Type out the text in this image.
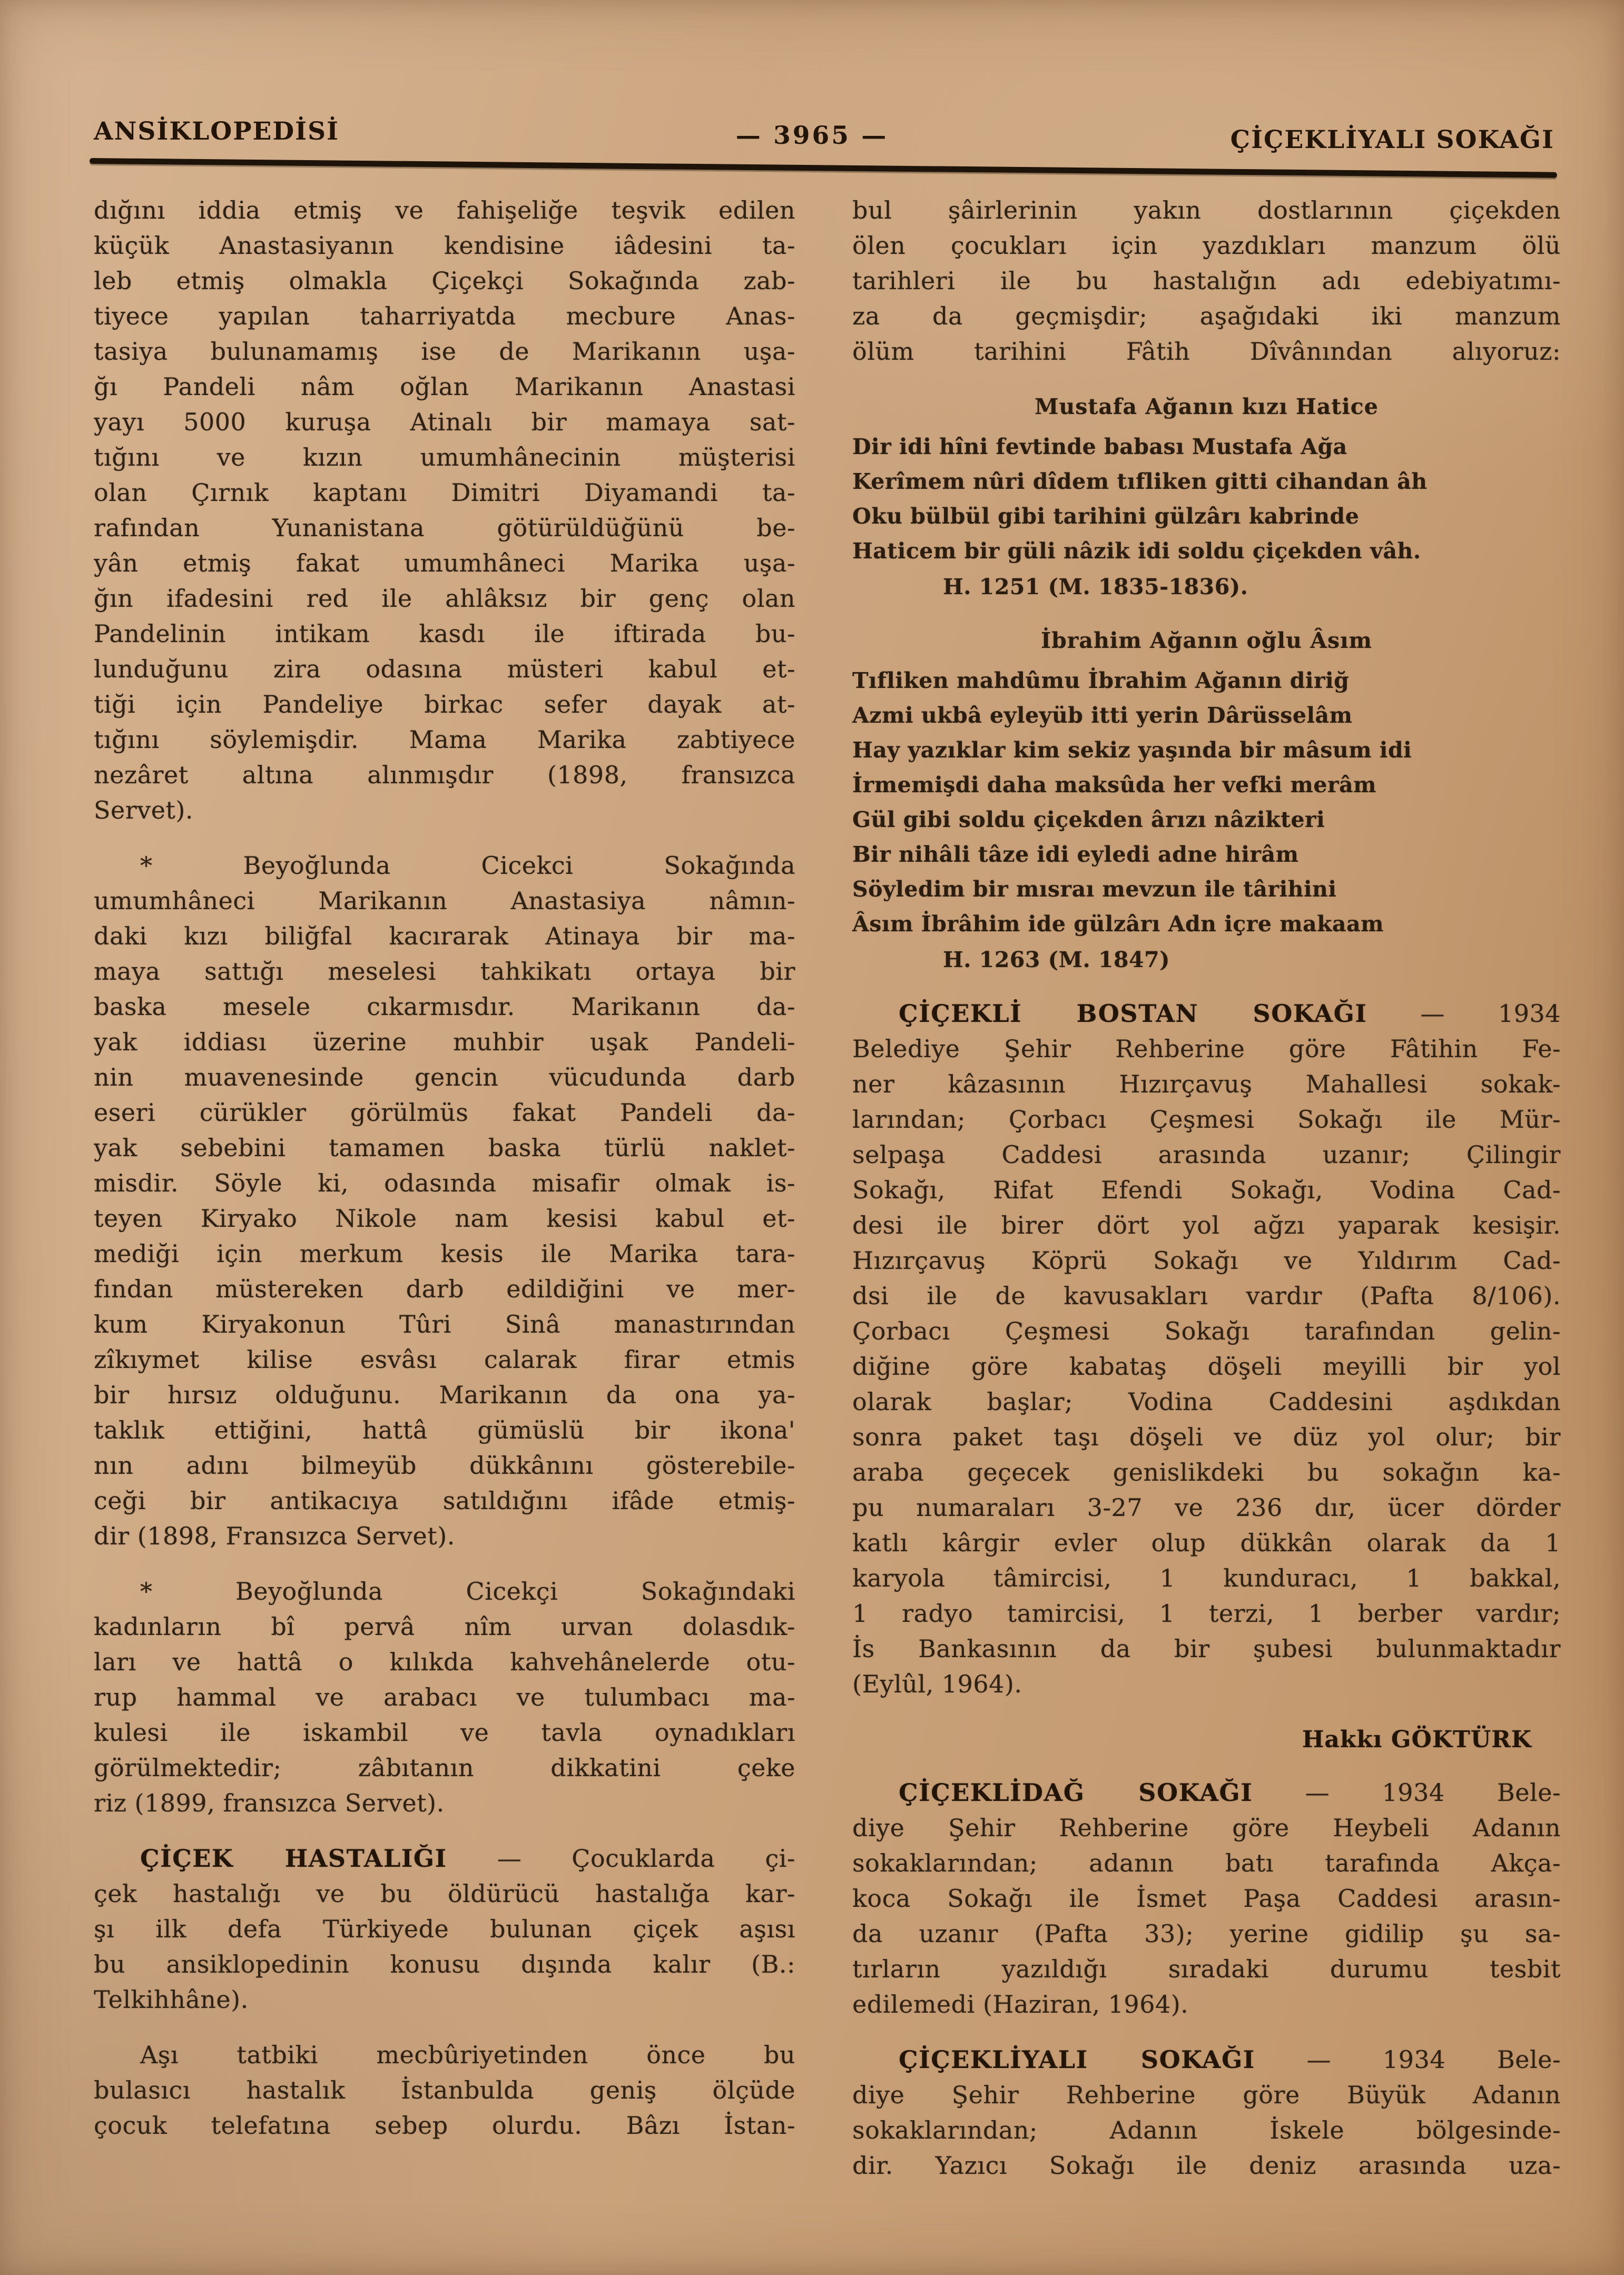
ANSİKLOPEDİSİ	— 3965 —	ÇİÇEKLİYALI SOKAĞI
dığını iddia etmiş ve fahişeliğe teşvik edilen
küçük Anastasiyanın kendisine iâdesini ta-
leb etmiş olmakla Çiçekçi Sokağında zab-
tiyece yapılan taharriyatda mecbure Anas-
tasiya bulunamamış ise de Marikanın uşa-
ğı Pandeli nâm oğlan Marikanın Anastasi
yayı 5000 kuruşa Atinalı bir mamaya sat-
tığını ve kızın umumhânecinin müşterisi
olan Çırnık kaptanı Dimitri Diyamandi ta-
rafından Yunanistana götürüldüğünü be-
yân etmiş fakat umumhâneci Marika uşa-
ğın ifadesini red ile ahlâksız bir genç olan
Pandelinin intikam kasdı ile iftirada bu-
lunduğunu zira odasına müsteri kabul et-
tiği için Pandeliye birkac sefer dayak at-
tığını söylemişdir. Mama Marika zabtiyece
nezâret altına alınmışdır (1898, fransızca
Servet).
* Beyoğlunda Cicekci Sokağında
umumhâneci Marikanın Anastasiya nâmın-
daki kızı biliğfal kacırarak Atinaya bir ma-
maya sattığı meselesi tahkikatı ortaya bir
baska mesele cıkarmısdır. Marikanın da-
yak iddiası üzerine muhbir uşak Pandeli-
nin muavenesinde gencin vücudunda darb
eseri cürükler görülmüs fakat Pandeli da-
yak sebebini tamamen baska türlü naklet-
misdir. Söyle ki, odasında misafir olmak is-
teyen Kiryako Nikole nam kesisi kabul et-
mediği için merkum kesis ile Marika tara-
fından müstereken darb edildiğini ve mer-
kum Kiryakonun Tûri Sinâ manastırından
zîkıymet kilise esvâsı calarak firar etmis
bir hırsız olduğunu. Marikanın da ona ya-
taklık ettiğini, hattâ gümüslü bir ikona'
nın adını bilmeyüb dükkânını gösterebile-
ceği bir antikacıya satıldığını ifâde etmiş-
dir (1898, Fransızca Servet).
* Beyoğlunda Cicekçi Sokağındaki
kadınların bî pervâ nîm urvan dolasdık-
ları ve hattâ o kılıkda kahvehânelerde otu-
rup hammal ve arabacı ve tulumbacı ma-
kulesi ile iskambil ve tavla oynadıkları
görülmektedir; zâbıtanın dikkatini çeke
riz (1899, fransızca Servet).
ÇİÇEK HASTALIĞI — Çocuklarda çi-
çek hastalığı ve bu öldürücü hastalığa kar-
şı ilk defa Türkiyede bulunan çiçek aşısı
bu ansiklopedinin konusu dışında kalır (B.:
Telkihhâne).
Aşı tatbiki mecbûriyetinden önce bu
bulasıcı hastalık İstanbulda geniş ölçüde
çocuk telefatına sebep olurdu. Bâzı İstan-
bul şâirlerinin yakın dostlarının çiçekden
ölen çocukları için yazdıkları manzum ölü
tarihleri ile bu hastalığın adı edebiyatımı-
za da geçmişdir; aşağıdaki iki manzum
ölüm tarihini Fâtih Dîvânından alıyoruz:
Mustafa Ağanın kızı Hatice
Dir idi hîni fevtinde babası Mustafa Ağa
Kerîmem nûri dîdem tıfliken gitti cihandan âh
Oku bülbül gibi tarihini gülzârı kabrinde
Haticem bir güli nâzik idi soldu çiçekden vâh.
H. 1251 (M. 1835-1836).
İbrahim Ağanın oğlu Âsım
Tıfliken mahdûmu İbrahim Ağanın diriğ
Azmi ukbâ eyleyüb itti yerin Dârüsselâm
Hay yazıklar kim sekiz yaşında bir mâsum idi
İrmemişdi daha maksûda her vefki merâm
Gül gibi soldu çiçekden ârızı nâzikteri
Bir nihâli tâze idi eyledi adne hirâm
Söyledim bir mısraı mevzun ile târihini
Âsım İbrâhim ide gülzârı Adn içre makaam
H. 1263 (M. 1847)
ÇİÇEKLİ BOSTAN SOKAĞI — 1934
Belediye Şehir Rehberine göre Fâtihin Fe-
ner kâzasının Hızırçavuş Mahallesi sokak-
larından; Çorbacı Çeşmesi Sokağı ile Mür-
selpaşa Caddesi arasında uzanır; Çilingir
Sokağı, Rifat Efendi Sokağı, Vodina Cad-
desi ile birer dört yol ağzı yaparak kesişir.
Hızırçavuş Köprü Sokağı ve Yıldırım Cad-
dsi ile de kavusakları vardır (Pafta 8/106).
Çorbacı Çeşmesi Sokağı tarafından gelin-
diğine göre kabataş döşeli meyilli bir yol
olarak başlar; Vodina Caddesini aşdıkdan
sonra paket taşı döşeli ve düz yol olur; bir
araba geçecek genislikdeki bu sokağın ka-
pu numaraları 3-27 ve 236 dır, ücer dörder
katlı kârgir evler olup dükkân olarak da 1
karyola tâmircisi, 1 kunduracı, 1 bakkal,
1 radyo tamircisi, 1 terzi, 1 berber vardır;
İs Bankasının da bir şubesi bulunmaktadır
(Eylûl, 1964).
Hakkı GÖKTÜRK
ÇİÇEKLİDAĞ SOKAĞI — 1934 Bele-
diye Şehir Rehberine göre Heybeli Adanın
sokaklarından; adanın batı tarafında Akça-
koca Sokağı ile İsmet Paşa Caddesi arasın-
da uzanır (Pafta 33); yerine gidilip şu sa-
tırların yazıldığı sıradaki durumu tesbit
edilemedi (Haziran, 1964).
ÇİÇEKLİYALI SOKAĞI — 1934 Bele-
diye Şehir Rehberine göre Büyük Adanın
sokaklarından; Adanın İskele bölgesinde-
dir. Yazıcı Sokağı ile deniz arasında uza-
